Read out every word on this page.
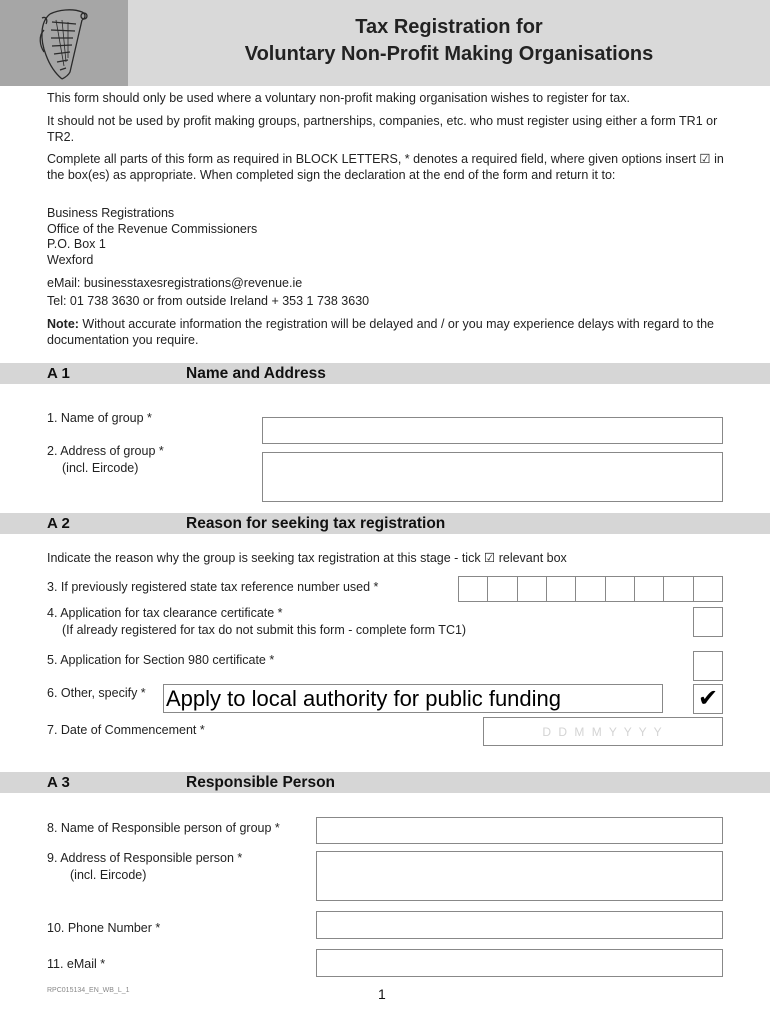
Tax Registration for
Voluntary Non-Profit Making Organisations
This form should only be used where a voluntary non-profit making organisation wishes to register for tax.
It should not be used by profit making groups, partnerships, companies, etc. who must register using either a form TR1 or TR2.
Complete all parts of this form as required in BLOCK LETTERS, * denotes a required field, where given options insert ☑ in the box(es) as appropriate. When completed sign the declaration at the end of the form and return it to:
Business Registrations
Office of the Revenue Commissioners
P.O. Box 1
Wexford
eMail: businesstaxesregistrations@revenue.ie
Tel: 01 738 3630 or from outside Ireland + 353 1 738 3630
Note: Without accurate information the registration will be delayed and / or you may experience delays with regard to the documentation you require.
A 1	Name and Address
1. Name of group *
2. Address of group *
(incl. Eircode)
A 2	Reason for seeking tax registration
Indicate the reason why the group is seeking tax registration at this stage - tick ☑ relevant box
3. If previously registered state tax reference number used *
4. Application for tax clearance certificate *
(If already registered for tax do not submit this form - complete form TC1)
5. Application for Section 980 certificate *
6. Other, specify * Apply to local authority for public funding	✔
7. Date of Commencement *	D D M M Y Y Y Y
A 3	Responsible Person
8. Name of Responsible person of group *
9. Address of Responsible person *
(incl. Eircode)
10. Phone Number *
11. eMail *
RPC015134_EN_WB_L_1	1
